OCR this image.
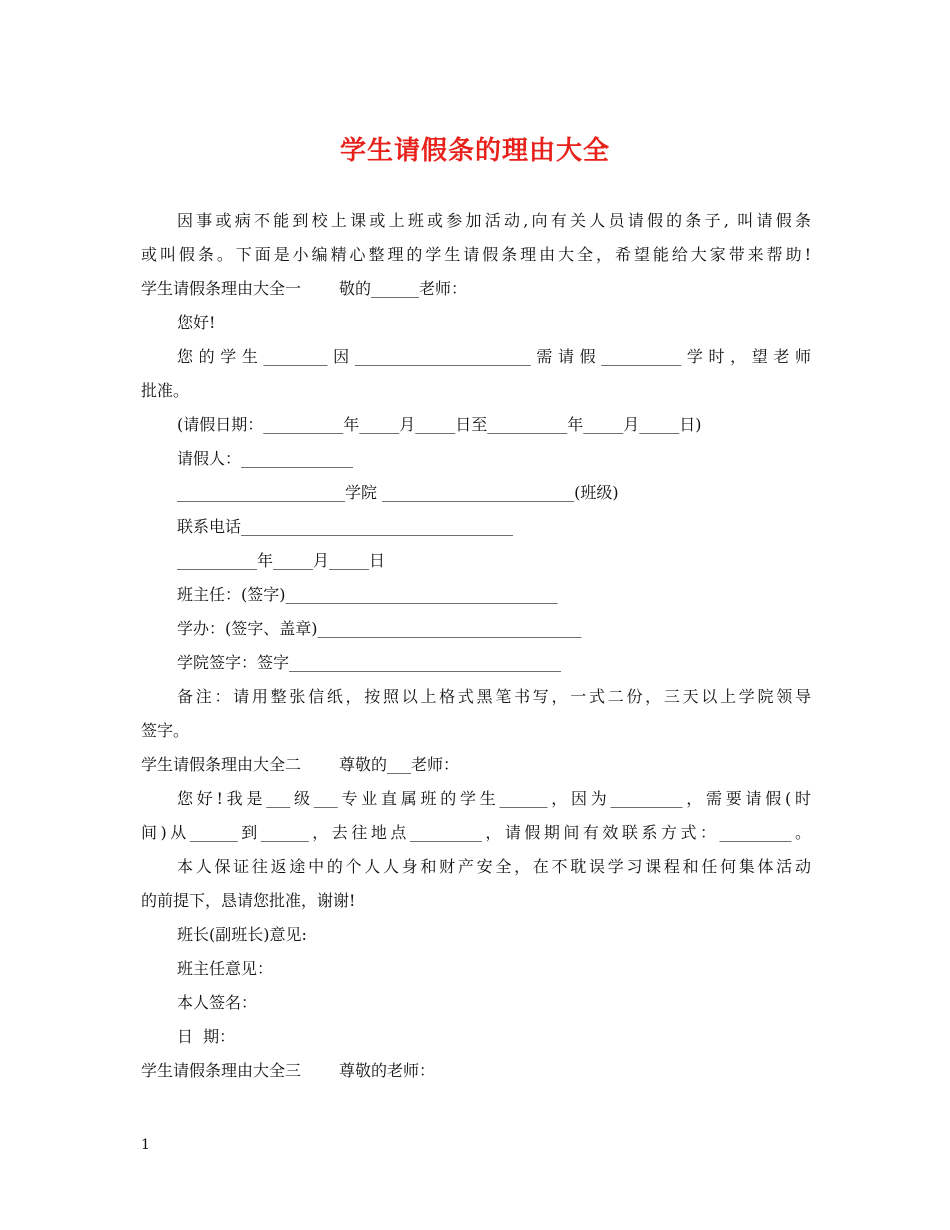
学生请假条的理由大全
因事或病不能到校上课或上班或参加活动,向有关人员请假的条子, 叫请假条
或叫假条。下面是小编精心整理的学生请假条理由大全，希望能给大家带来帮助!
学生请假条理由大全一 敬的______老师：
您好!
您的学生________因______________________需请假__________学时，望老师
批准。
(请假日期：__________年_____月_____日至__________年_____月_____日)
请假人：______________
_____________________学院 ________________________(班级)
联系电话__________________________________
__________年_____月_____日
班主任：(签字)__________________________________
学办：(签字、盖章)_________________________________
学院签字：签字__________________________________
备注：请用整张信纸，按照以上格式黑笔书写，一式二份，三天以上学院领导
签字。
学生请假条理由大全二 尊敬的___老师：
您好!我是___级___专业直属班的学生______，因为_________，需要请假(时
间)从______到______，去往地点_________，请假期间有效联系方式：_________。
本人保证往返途中的个人人身和财产安全，在不耽误学习课程和任何集体活动
的前提下，恳请您批准，谢谢!
班长(副班长)意见:
班主任意见：
本人签名：
日  期：
学生请假条理由大全三 尊敬的老师：
1
